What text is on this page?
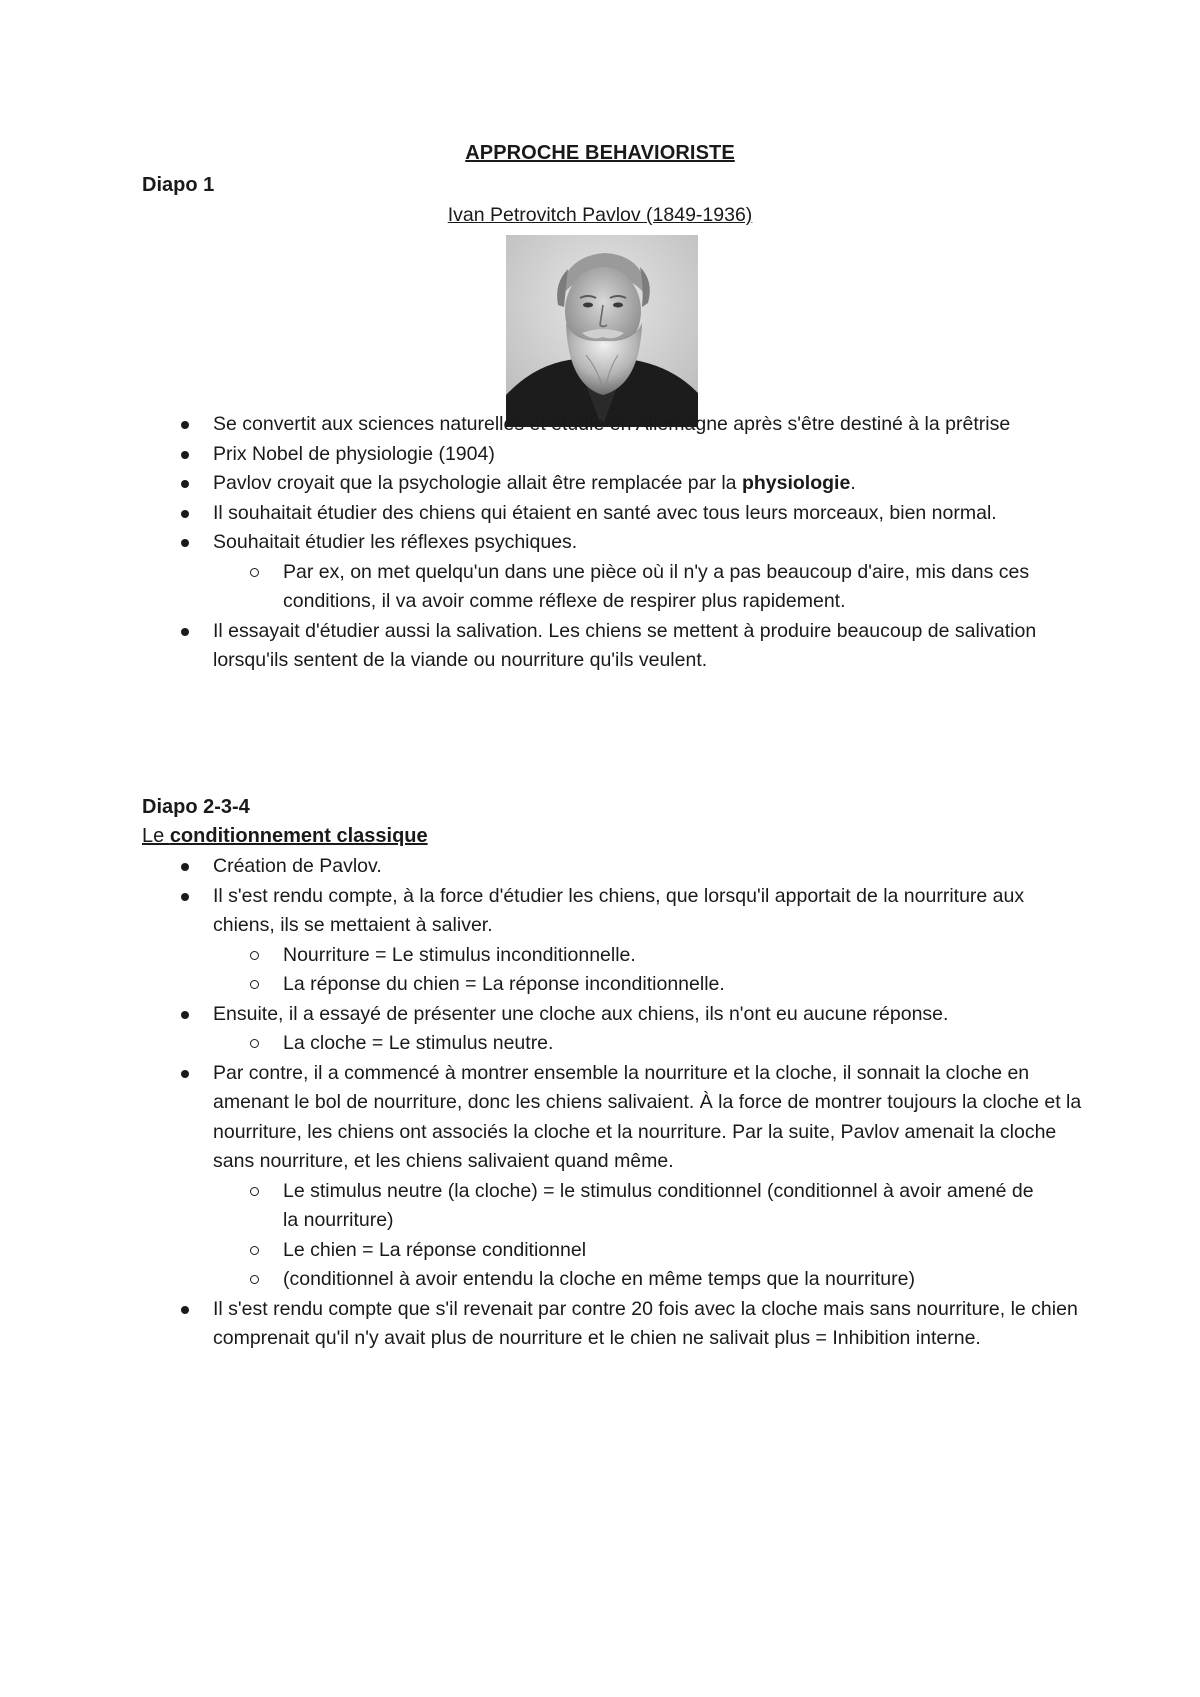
APPROCHE BEHAVIORISTE
Diapo 1
Ivan Petrovitch Pavlov (1849-1936)
Se convertit aux sciences naturelles et étudie en Allemagne après s'être destiné à la prêtrise
Prix Nobel de physiologie (1904)
Pavlov croyait que la psychologie allait être remplacée par la physiologie.
Il souhaitait étudier des chiens qui étaient en santé avec tous leurs morceaux, bien normal.
Souhaitait étudier les réflexes psychiques.
Par ex, on met quelqu'un dans une pièce où il n'y a pas beaucoup d'aire, mis dans ces conditions, il va avoir comme réflexe de respirer plus rapidement.
Il essayait d'étudier aussi la salivation. Les chiens se mettent à produire beaucoup de salivation lorsqu'ils sentent de la viande ou nourriture qu'ils veulent.
Diapo 2-3-4
Le conditionnement classique
Création de Pavlov.
Il s'est rendu compte, à la force d'étudier les chiens, que lorsqu'il apportait de la nourriture aux chiens, ils se mettaient à saliver.
Nourriture = Le stimulus inconditionnelle.
La réponse du chien = La réponse inconditionnelle.
Ensuite, il a essayé de présenter une cloche aux chiens, ils n'ont eu aucune réponse.
La cloche = Le stimulus neutre.
Par contre, il a commencé à montrer ensemble la nourriture et la cloche, il sonnait la cloche en amenant le bol de nourriture, donc les chiens salivaient. À la force de montrer toujours la cloche et la nourriture, les chiens ont associés la cloche et la nourriture. Par la suite, Pavlov amenait la cloche sans nourriture, et les chiens salivaient quand même.
Le stimulus neutre (la cloche) = le stimulus conditionnel (conditionnel à avoir amené de la nourriture)
Le chien = La réponse conditionnel
(conditionnel à avoir entendu la cloche en même temps que la nourriture)
Il s'est rendu compte que s'il revenait par contre 20 fois avec la cloche mais sans nourriture, le chien comprenait qu'il n'y avait plus de nourriture et le chien ne salivait plus = Inhibition interne.
